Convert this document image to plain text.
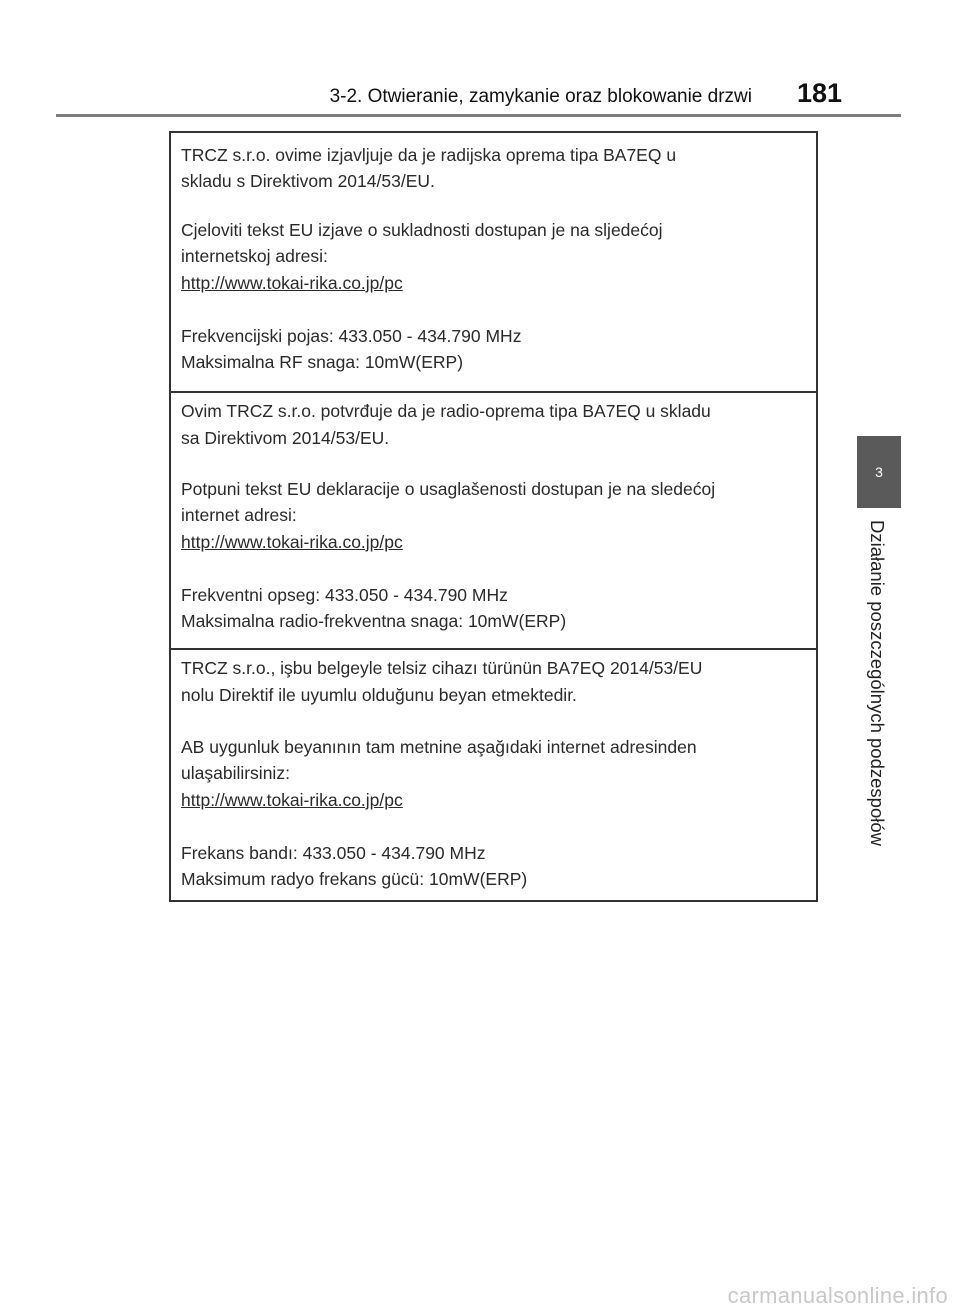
3-2. Otwieranie, zamykanie oraz blokowanie drzwi 181
3
Działanie poszczególnych podzespołów

TRCZ s.r.o. ovime izjavljuje da je radijska oprema tipa BA7EQ u

skladu s Direktivom 2014/53/EU.

Cjeloviti tekst EU izjave o sukladnosti dostupan je na sljedećoj

internetskoj adresi:

http://www.tokai-rika.co.jp/pc

Frekvencijski pojas: 433.050 - 434.790 MHz

Maksimalna RF snaga: 10mW(ERP)

Ovim TRCZ s.r.o. potvrđuje da je radio-oprema tipa BA7EQ u skladu

sa Direktivom 2014/53/EU.

Potpuni tekst EU deklaracije o usaglašenosti dostupan je na sledećoj

internet adresi:

http://www.tokai-rika.co.jp/pc

Frekventni opseg: 433.050 - 434.790 MHz

Maksimalna radio-frekventna snaga: 10mW(ERP)

TRCZ s.r.o., işbu belgeyle telsiz cihazı türünün BA7EQ 2014/53/EU

nolu Direktif ile uyumlu olduğunu beyan etmektedir.

AB uygunluk beyanının tam metnine aşağıdaki internet adresinden

ulaşabilirsiniz:

http://www.tokai-rika.co.jp/pc

Frekans bandı: 433.050 - 434.790 MHz

Maksimum radyo frekans gücü: 10mW(ERP)

carmanualsonline.info
